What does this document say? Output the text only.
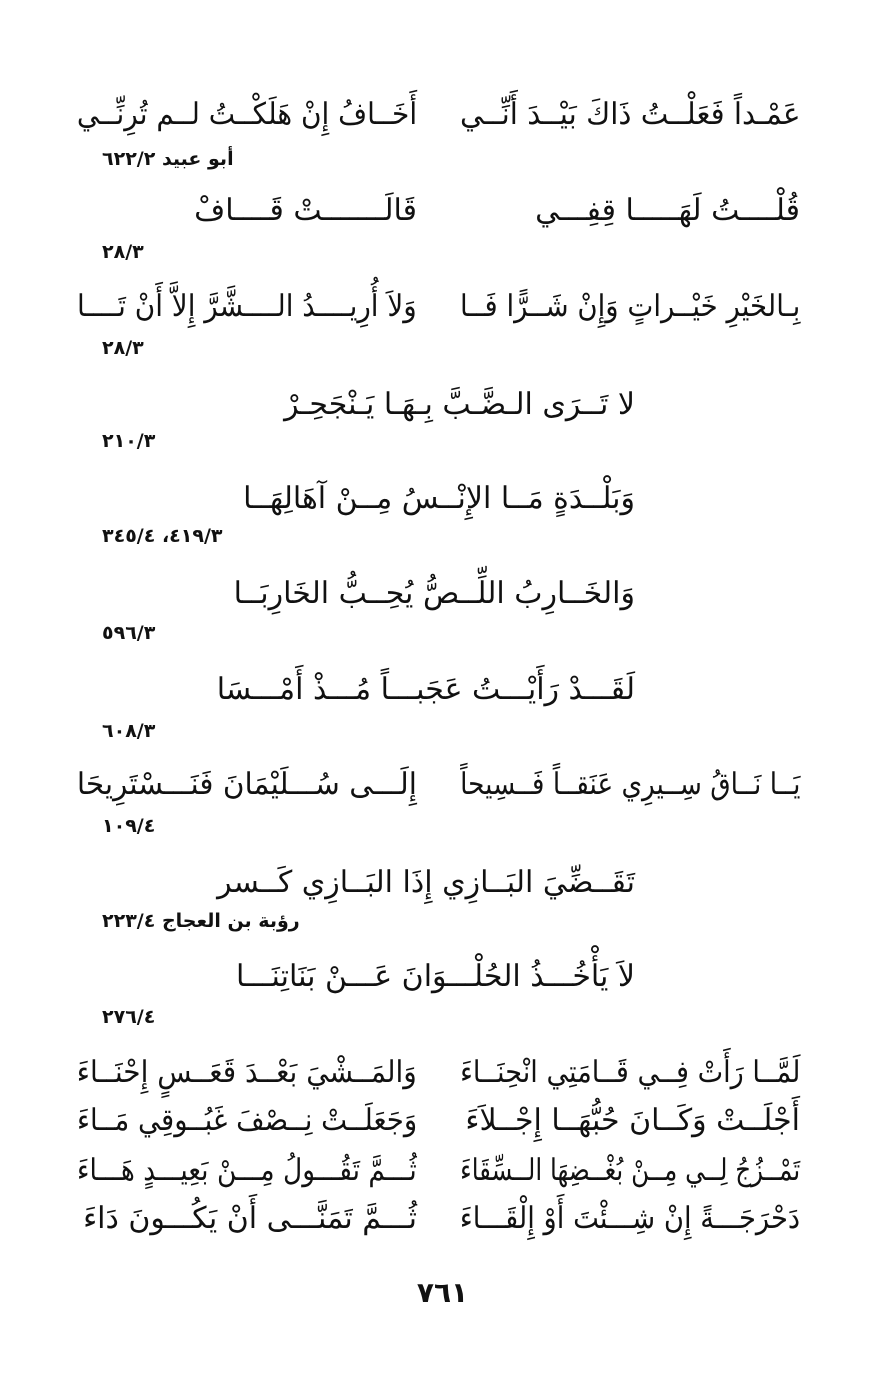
عَمْـداً فَعَلْــتُ ذَاكَ بَيْــدَ أَنِّــي
أَخَــافُ إِنْ هَلَكْــتُ لــم تُرِنِّــي
أبو عبيد ٦٢٢/٢
قُلْــــتُ لَهَـــــا قِفِـــي
قَالَـــــــتْ قَــــافْ
٢٨/٣
بِـالخَيْرِ خَيْــراتٍ وَإِنْ شَــرًّا فَــا
وَلاَ أُرِيــــدُ الــــشَّرَّ إِلاَّ أَنْ تَــــا
٢٨/٣
لا تَــرَى الـضَّـبَّ بِـهَـا يَـنْجَحِـرْ
٢١٠/٣
وَبَلْــدَةٍ مَــا الإِنْــسُ مِــنْ آهَالِهَــا
٤١٩/٣، ٣٤٥/٤
وَالخَــارِبُ اللِّــصُّ يُحِــبُّ الخَارِبَــا
٥٩٦/٣
لَقَـــدْ رَأَيْـــتُ عَجَبـــاً مُـــذْ أَمْـــسَا
٦٠٨/٣
يَــا نَــاقُ سِــيرِي عَنَقــاً فَــسِيحاً
إِلَـــى سُـــلَيْمَانَ فَنَـــسْتَرِيحَا
١٠٩/٤
تَقَــضِّيَ البَــازِي إِذَا البَــازِي كَــسر
رؤبة بن العجاج ٢٢٣/٤
لاَ يَأْخُـــذُ الحُلْـــوَانَ عَـــنْ بَنَاتِنَـــا
٢٧٦/٤
لَمَّــا رَأَتْ فِــي قَــامَتِي انْحِنَــاءَ
وَالمَــشْيَ بَعْــدَ قَعَــسٍ إِحْنَــاءَ
أَجْلَــتْ وَكَــانَ حُبُّهَــا إِجْــلاَءَ
وَجَعَلَــتْ نِــصْفَ غَبُــوقِي مَــاءَ
تَمْــزُجُ لِــي مِــنْ بُغْــضِهَا الــسِّقَاءَ
ثُـــمَّ تَقُـــولُ مِـــنْ بَعِيـــدٍ هَـــاءَ
دَحْرَجَـــةً إِنْ شِـــئْتَ أَوْ إِلْقَـــاءَ
ثُـــمَّ تَمَنَّـــى أَنْ يَكُـــونَ دَاءَ
٧٦١
